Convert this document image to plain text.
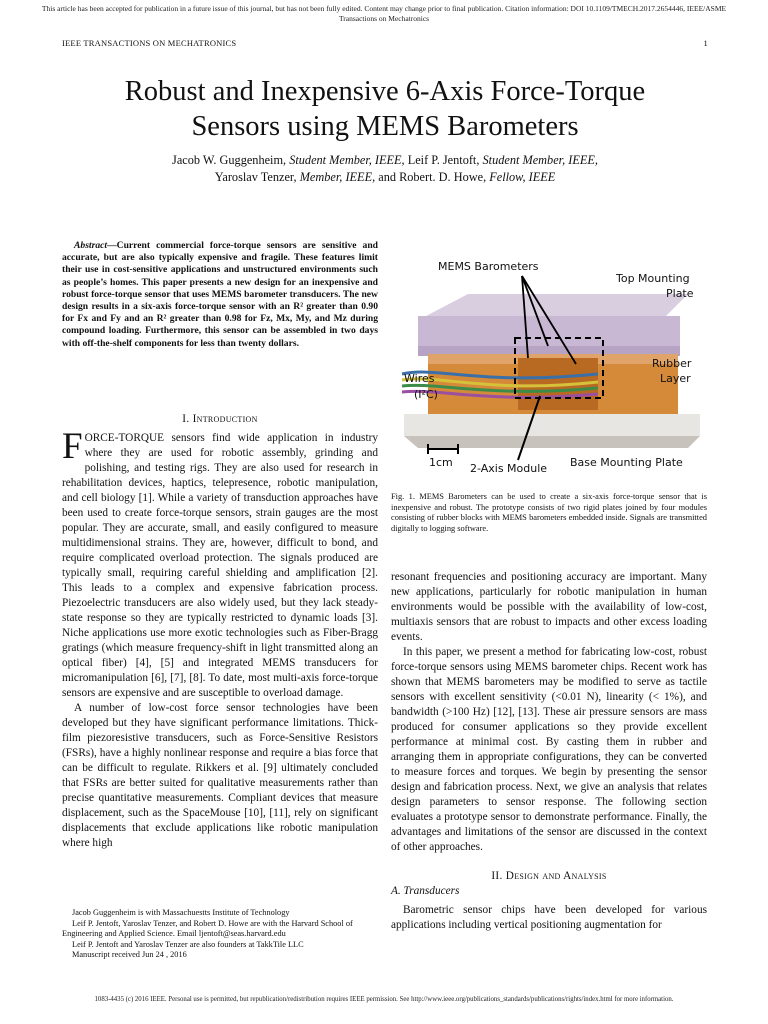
This article has been accepted for publication in a future issue of this journal, but has not been fully edited. Content may change prior to final publication. Citation information: DOI 10.1109/TMECH.2017.2654446, IEEE/ASME
Transactions on Mechatronics
IEEE TRANSACTIONS ON MECHATRONICS	1
Robust and Inexpensive 6-Axis Force-Torque
Sensors using MEMS Barometers
Jacob W. Guggenheim, Student Member, IEEE, Leif P. Jentoft, Student Member, IEEE,
Yaroslav Tenzer, Member, IEEE, and Robert. D. Howe, Fellow, IEEE

Abstract—Current commercial force-torque sensors are sensitive and accurate, but are also typically expensive and fragile. These features limit their use in cost-sensitive applications and unstructured environments such as people’s homes. This paper presents a new design for an inexpensive and robust force-torque sensor that uses MEMS barometer transducers. The new design results in a six-axis force-torque sensor with an R² greater than 0.90 for Fx and Fy and an R² greater than 0.98 for Fz, Mx, My, and Mz during compound loading. Furthermore, this sensor can be assembled in two days with off-the-shelf components for less than twenty dollars.

I. Introduction

FORCE-TORQUE sensors find wide application in industry where they are used for robotic assembly, grinding and polishing, and testing rigs. They are also used for research in rehabilitation devices, haptics, telepresence, robotic manipulation, and cell biology [1]. While a variety of transduction approaches have been used to create force-torque sensors, strain gauges are the most popular. They are accurate, small, and easily configured to measure multidimensional strains. They are, however, difficult to bond, and require complicated overload protection. The signals produced are typically small, requiring careful shielding and amplification [2]. This leads to a complex and expensive fabrication process. Piezoelectric transducers are also widely used, but they lack steady-state response so they are typically restricted to dynamic loads [3]. Niche applications use more exotic technologies such as Fiber-Bragg gratings (which measure frequency-shift in light transmitted along an optical fiber) [4], [5] and integrated MEMS transducers for micromanipulation [6], [7], [8]. To date, most multi-axis force-torque sensors are expensive and are susceptible to overload damage.

A number of low-cost force sensor technologies have been developed but they have significant performance limitations. Thick-film piezoresistive transducers, such as Force-Sensitive Resistors (FSRs), have a highly nonlinear response and require a bias force that can be difficult to regulate. Rikkers et al. [9] ultimately concluded that FSRs are better suited for qualitative measurements rather than precise quantitative measurements. Compliant devices that measure displacement, such as the SpaceMouse [10], [11], rely on significant displacements that exclude applications like robotic manipulation where high

Jacob Guggenheim is with Massachuestts Institute of Technology
Leif P. Jentoft, Yaroslav Tenzer, and Robert D. Howe are with the Harvard School of Engineering and Applied Science. Email ljentoft@seas.harvard.edu
Leif P. Jentoft and Yaroslav Tenzer are also founders at TakkTile LLC
Manuscript received Jun 24 , 2016
MEMS Barometers
Top Mounting
Plate
Rubber
Layer
Wires
(I²C)
1cm 2-Axis Module Base Mounting Plate
Fig. 1. MEMS Barometers can be used to create a six-axis force-torque sensor that is inexpensive and robust. The prototype consists of two rigid plates joined by four modules consisting of rubber blocks with MEMS barometers embedded inside. Signals are transmitted digitally to logging software.

resonant frequencies and positioning accuracy are important. Many new applications, particularly for robotic manipulation in human environments would be possible with the availability of low-cost, multiaxis sensors that are robust to impacts and other excess loading events.

In this paper, we present a method for fabricating low-cost, robust force-torque sensors using MEMS barometer chips. Recent work has shown that MEMS barometers may be modified to serve as tactile sensors with excellent sensitivity (<0.01 N), linearity (< 1%), and bandwidth (>100 Hz) [12], [13]. These air pressure sensors are mass produced for consumer applications so they provide excellent performance at minimal cost. By casting them in rubber and arranging them in appropriate configurations, they can be converted to measure forces and torques. We begin by presenting the sensor design and fabrication process. Next, we give an analysis that relates design parameters to sensor response. The following section evaluates a prototype sensor to demonstrate performance. Finally, the advantages and limitations of the sensor are discussed in the context of other approaches.

II. Design and Analysis
A. Transducers

Barometric sensor chips have been developed for various applications including vertical positioning augmentation for

1083-4435 (c) 2016 IEEE. Personal use is permitted, but republication/redistribution requires IEEE permission. See http://www.ieee.org/publications_standards/publications/rights/index.html for more information.
